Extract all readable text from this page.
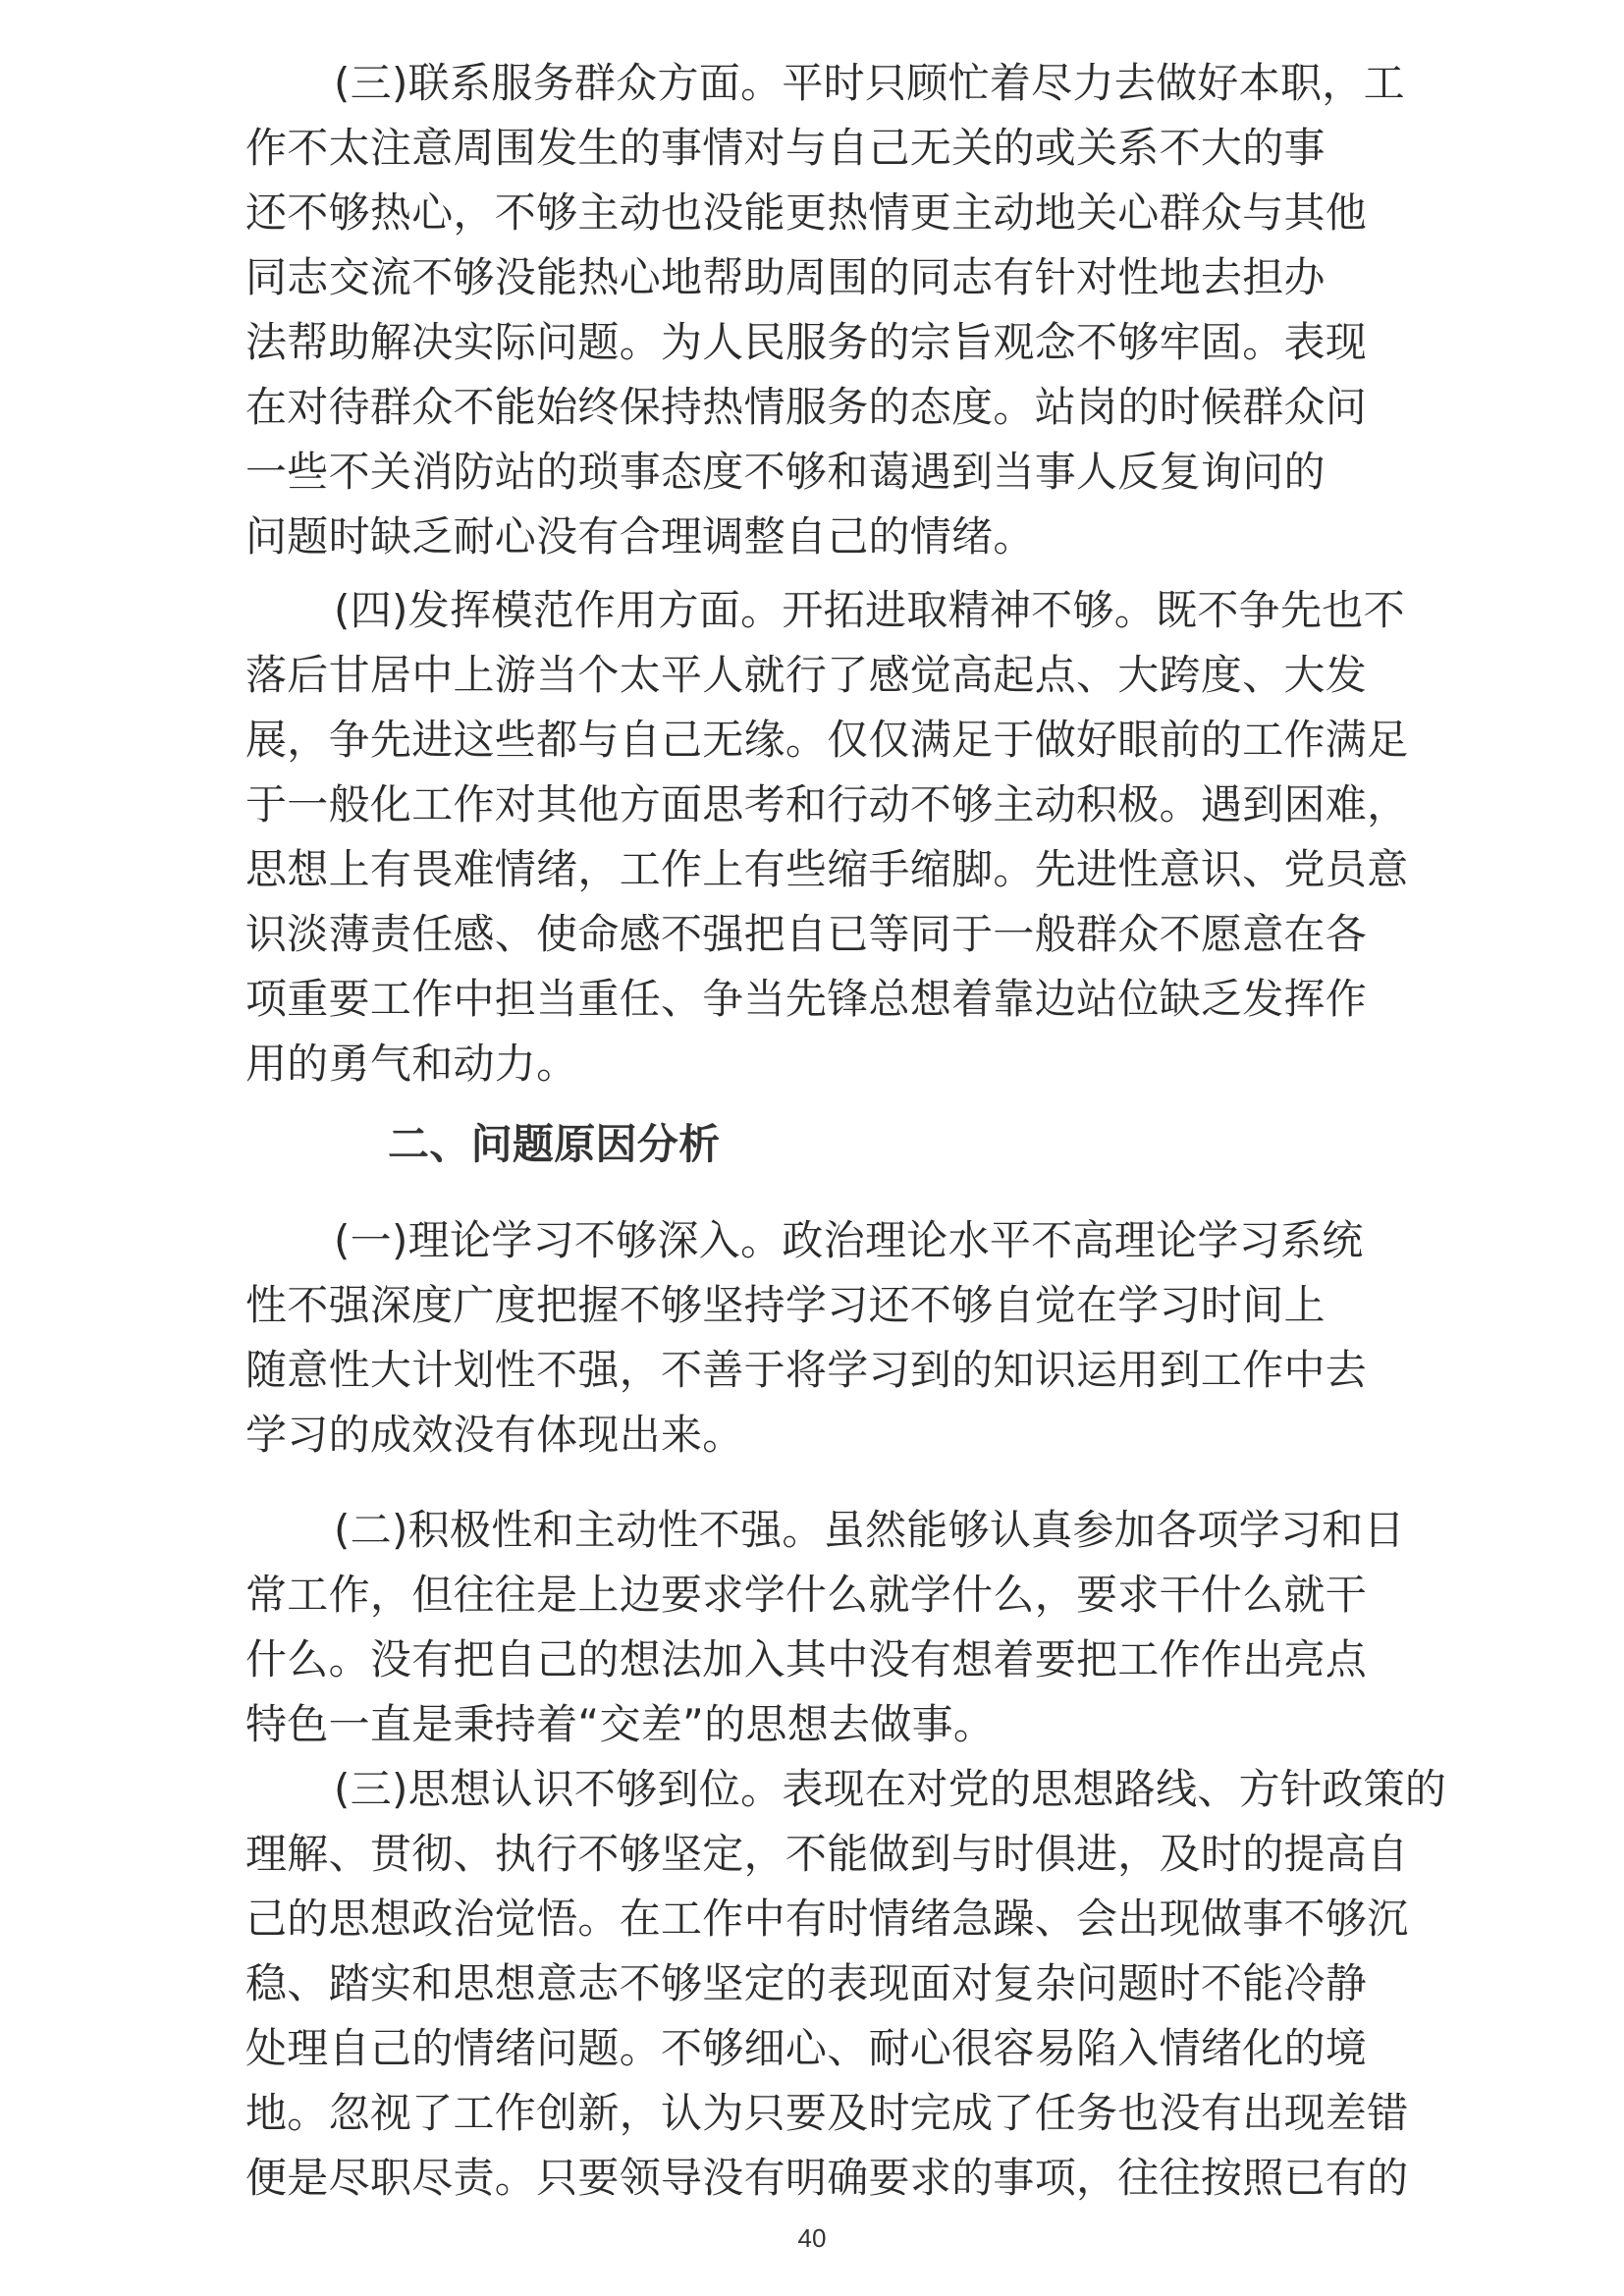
(三)联系服务群众方面。平时只顾忙着尽力去做好本职，工
作不太注意周围发生的事情对与自己无关的或关系不大的事
还不够热心，不够主动也没能更热情更主动地关心群众与其他
同志交流不够没能热心地帮助周围的同志有针对性地去担办
法帮助解决实际问题。为人民服务的宗旨观念不够牢固。表现
在对待群众不能始终保持热情服务的态度。站岗的时候群众问
一些不关消防站的琐事态度不够和蔼遇到当事人反复询问的
问题时缺乏耐心没有合理调整自己的情绪。
(四)发挥模范作用方面。开拓进取精神不够。既不争先也不
落后甘居中上游当个太平人就行了感觉高起点、大跨度、大发
展，争先进这些都与自己无缘。仅仅满足于做好眼前的工作满足
于一般化工作对其他方面思考和行动不够主动积极。遇到困难，
思想上有畏难情绪，工作上有些缩手缩脚。先进性意识、党员意
识淡薄责任感、使命感不强把自已等同于一般群众不愿意在各
项重要工作中担当重任、争当先锋总想着靠边站位缺乏发挥作
用的勇气和动力。
二、问题原因分析
(一)理论学习不够深入。政治理论水平不高理论学习系统
性不强深度广度把握不够坚持学习还不够自觉在学习时间上
随意性大计划性不强，不善于将学习到的知识运用到工作中去
学习的成效没有体现出来。
(二)积极性和主动性不强。虽然能够认真参加各项学习和日
常工作，但往往是上边要求学什么就学什么，要求干什么就干
什么。没有把自己的想法加入其中没有想着要把工作作出亮点
特色一直是秉持着“交差”的思想去做事。
(三)思想认识不够到位。表现在对党的思想路线、方针政策的
理解、贯彻、执行不够坚定，不能做到与时俱进，及时的提高自
己的思想政治觉悟。在工作中有时情绪急躁、会出现做事不够沉
稳、踏实和思想意志不够坚定的表现面对复杂问题时不能冷静
处理自己的情绪问题。不够细心、耐心很容易陷入情绪化的境
地。忽视了工作创新，认为只要及时完成了任务也没有出现差错
便是尽职尽责。只要领导没有明确要求的事项，往往按照已有的
40
